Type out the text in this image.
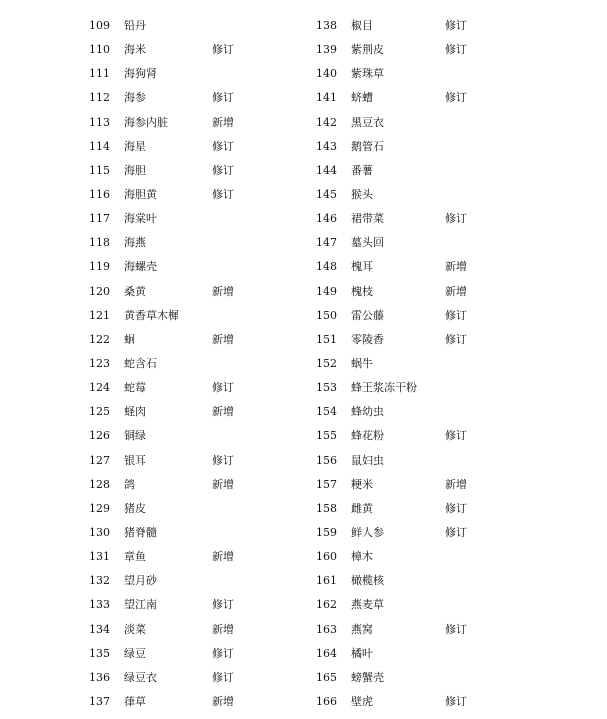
109 铅丹
110 海米	修订
111 海狗肾
112 海参	修订
113 海参内脏	新增
114 海星	修订
115 海胆	修订
116 海胆黄	修订
117 海棠叶
118 海燕
119 海螺壳
120 桑黄	新增
121 黄香草木樨
122 蛔	新增
123 蛇含石
124 蛇莓	修订
125 蛏肉	新增
126 铜绿
127 银耳	修订
128 鸽	新增
129 猪皮
130 猪脊髓
131 章鱼	新增
132 望月砂
133 望江南	修订
134 淡菜	新增
135 绿豆	修订
136 绿豆衣	修订
137 葎草	新增
138 椒目	修订
139 紫荆皮	修订
140 紫珠草
141 蛴螬	修订
142 黑豆衣
143 鹅管石
144 番薯
145 猴头
146 裙带菜	修订
147 墓头回
148 槐耳	新增
149 槐枝	新增
150 雷公藤	修订
151 零陵香	修订
152 蜗牛
153 蜂王浆冻干粉
154 蜂幼虫
155 蜂花粉	修订
156 鼠妇虫
157 粳米	新增
158 雌黄	修订
159 鲜人参	修订
160 樟木
161 橄榄核
162 燕麦草
163 燕窝	修订
164 橘叶
165 螃蟹壳
166 壁虎	修订
